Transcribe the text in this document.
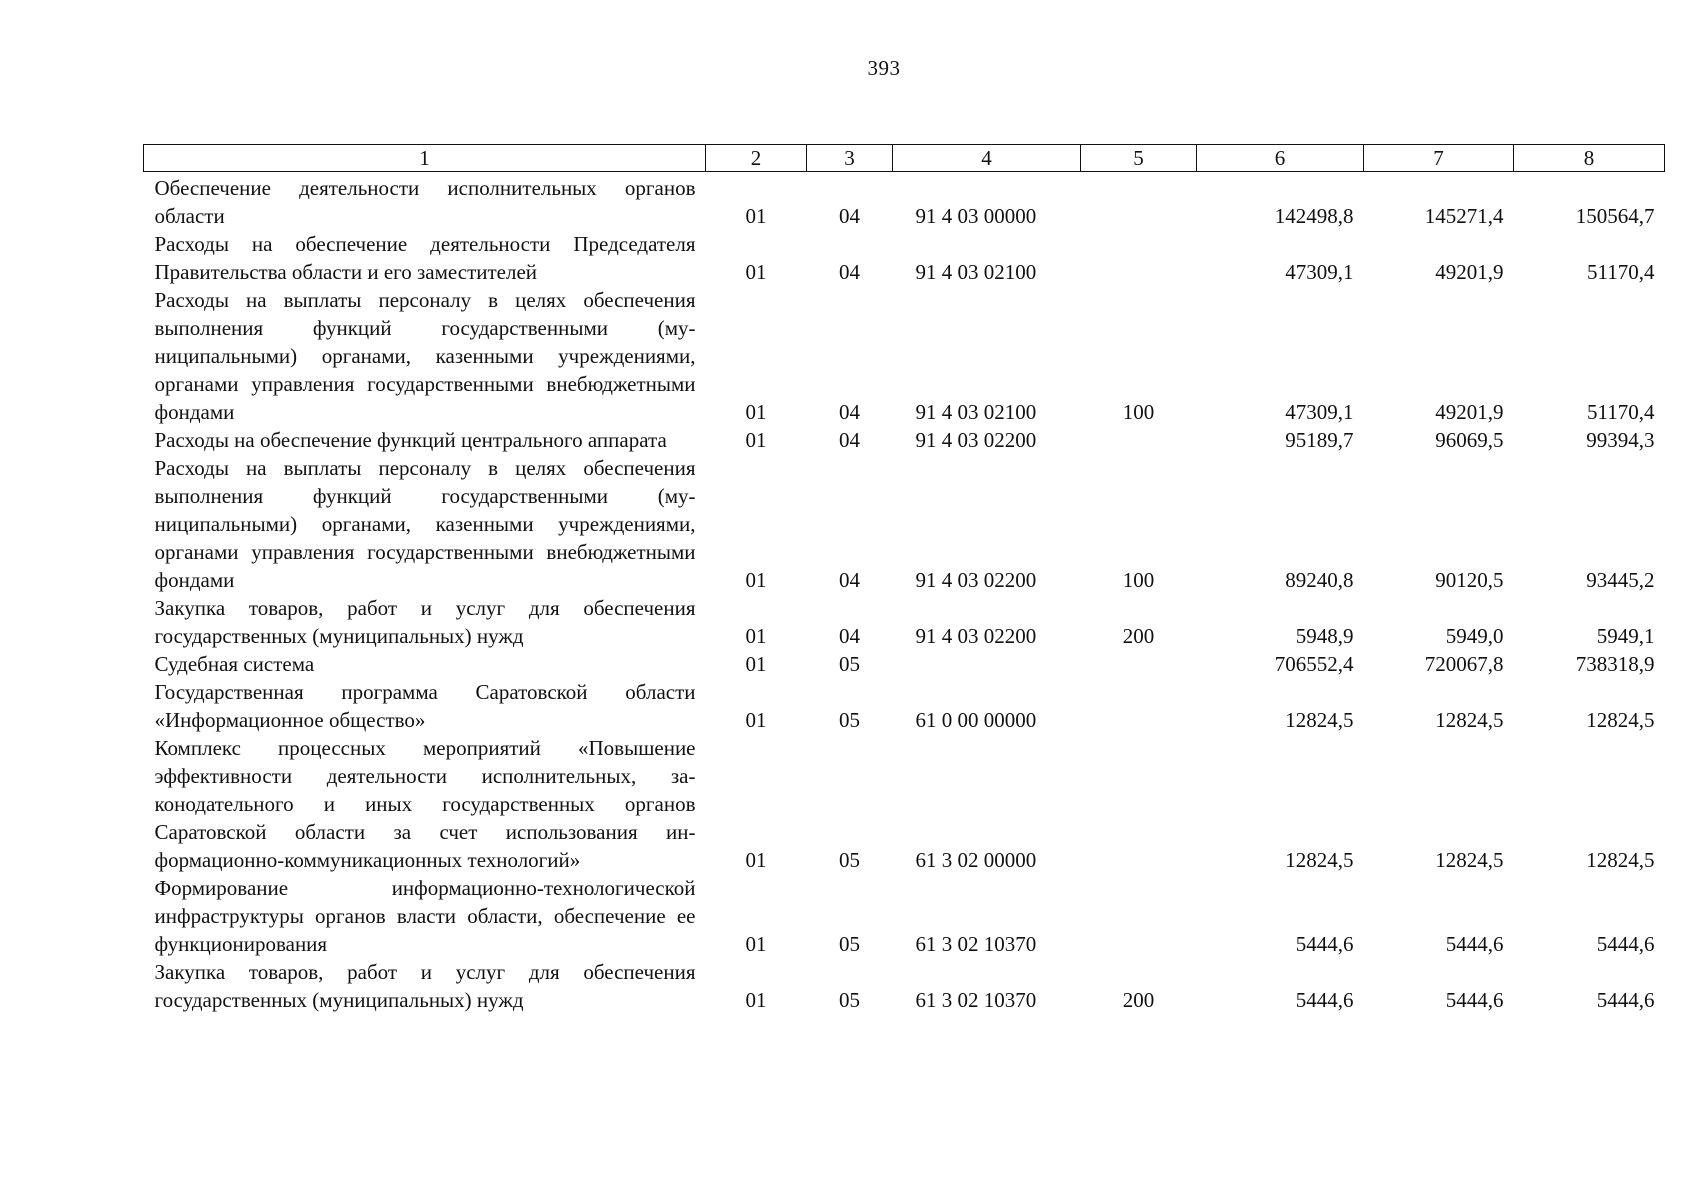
393
1	2	3	4	5	6	7	8
Обеспечение деятельности исполнительных органов области	01	04	91 4 03 00000		142498,8	145271,4	150564,7
Расходы на обеспечение деятельности Председателя Правительства области и его заместителей	01	04	91 4 03 02100		47309,1	49201,9	51170,4
Расходы на выплаты персоналу в целях обеспечения выполнения функций государственными (муниципальными) органами, казенными учреждениями, органами управления государственными внебюджетными фондами	01	04	91 4 03 02100	100	47309,1	49201,9	51170,4
Расходы на обеспечение функций центрального аппарата	01	04	91 4 03 02200		95189,7	96069,5	99394,3
Расходы на выплаты персоналу в целях обеспечения выполнения функций государственными (муниципальными) органами, казенными учреждениями, органами управления государственными внебюджетными фондами	01	04	91 4 03 02200	100	89240,8	90120,5	93445,2
Закупка товаров, работ и услуг для обеспечения государственных (муниципальных) нужд	01	04	91 4 03 02200	200	5948,9	5949,0	5949,1
Судебная система	01	05			706552,4	720067,8	738318,9
Государственная программа Саратовской области «Информационное общество»	01	05	61 0 00 00000		12824,5	12824,5	12824,5
Комплекс процессных мероприятий «Повышение эффективности деятельности исполнительных, законодательного и иных государственных органов Саратовской области за счет использования информационно-коммуникационных технологий»	01	05	61 3 02 00000		12824,5	12824,5	12824,5
Формирование информационно-технологической инфраструктуры органов власти области, обеспечение ее функционирования	01	05	61 3 02 10370		5444,6	5444,6	5444,6
Закупка товаров, работ и услуг для обеспечения государственных (муниципальных) нужд	01	05	61 3 02 10370	200	5444,6	5444,6	5444,6
